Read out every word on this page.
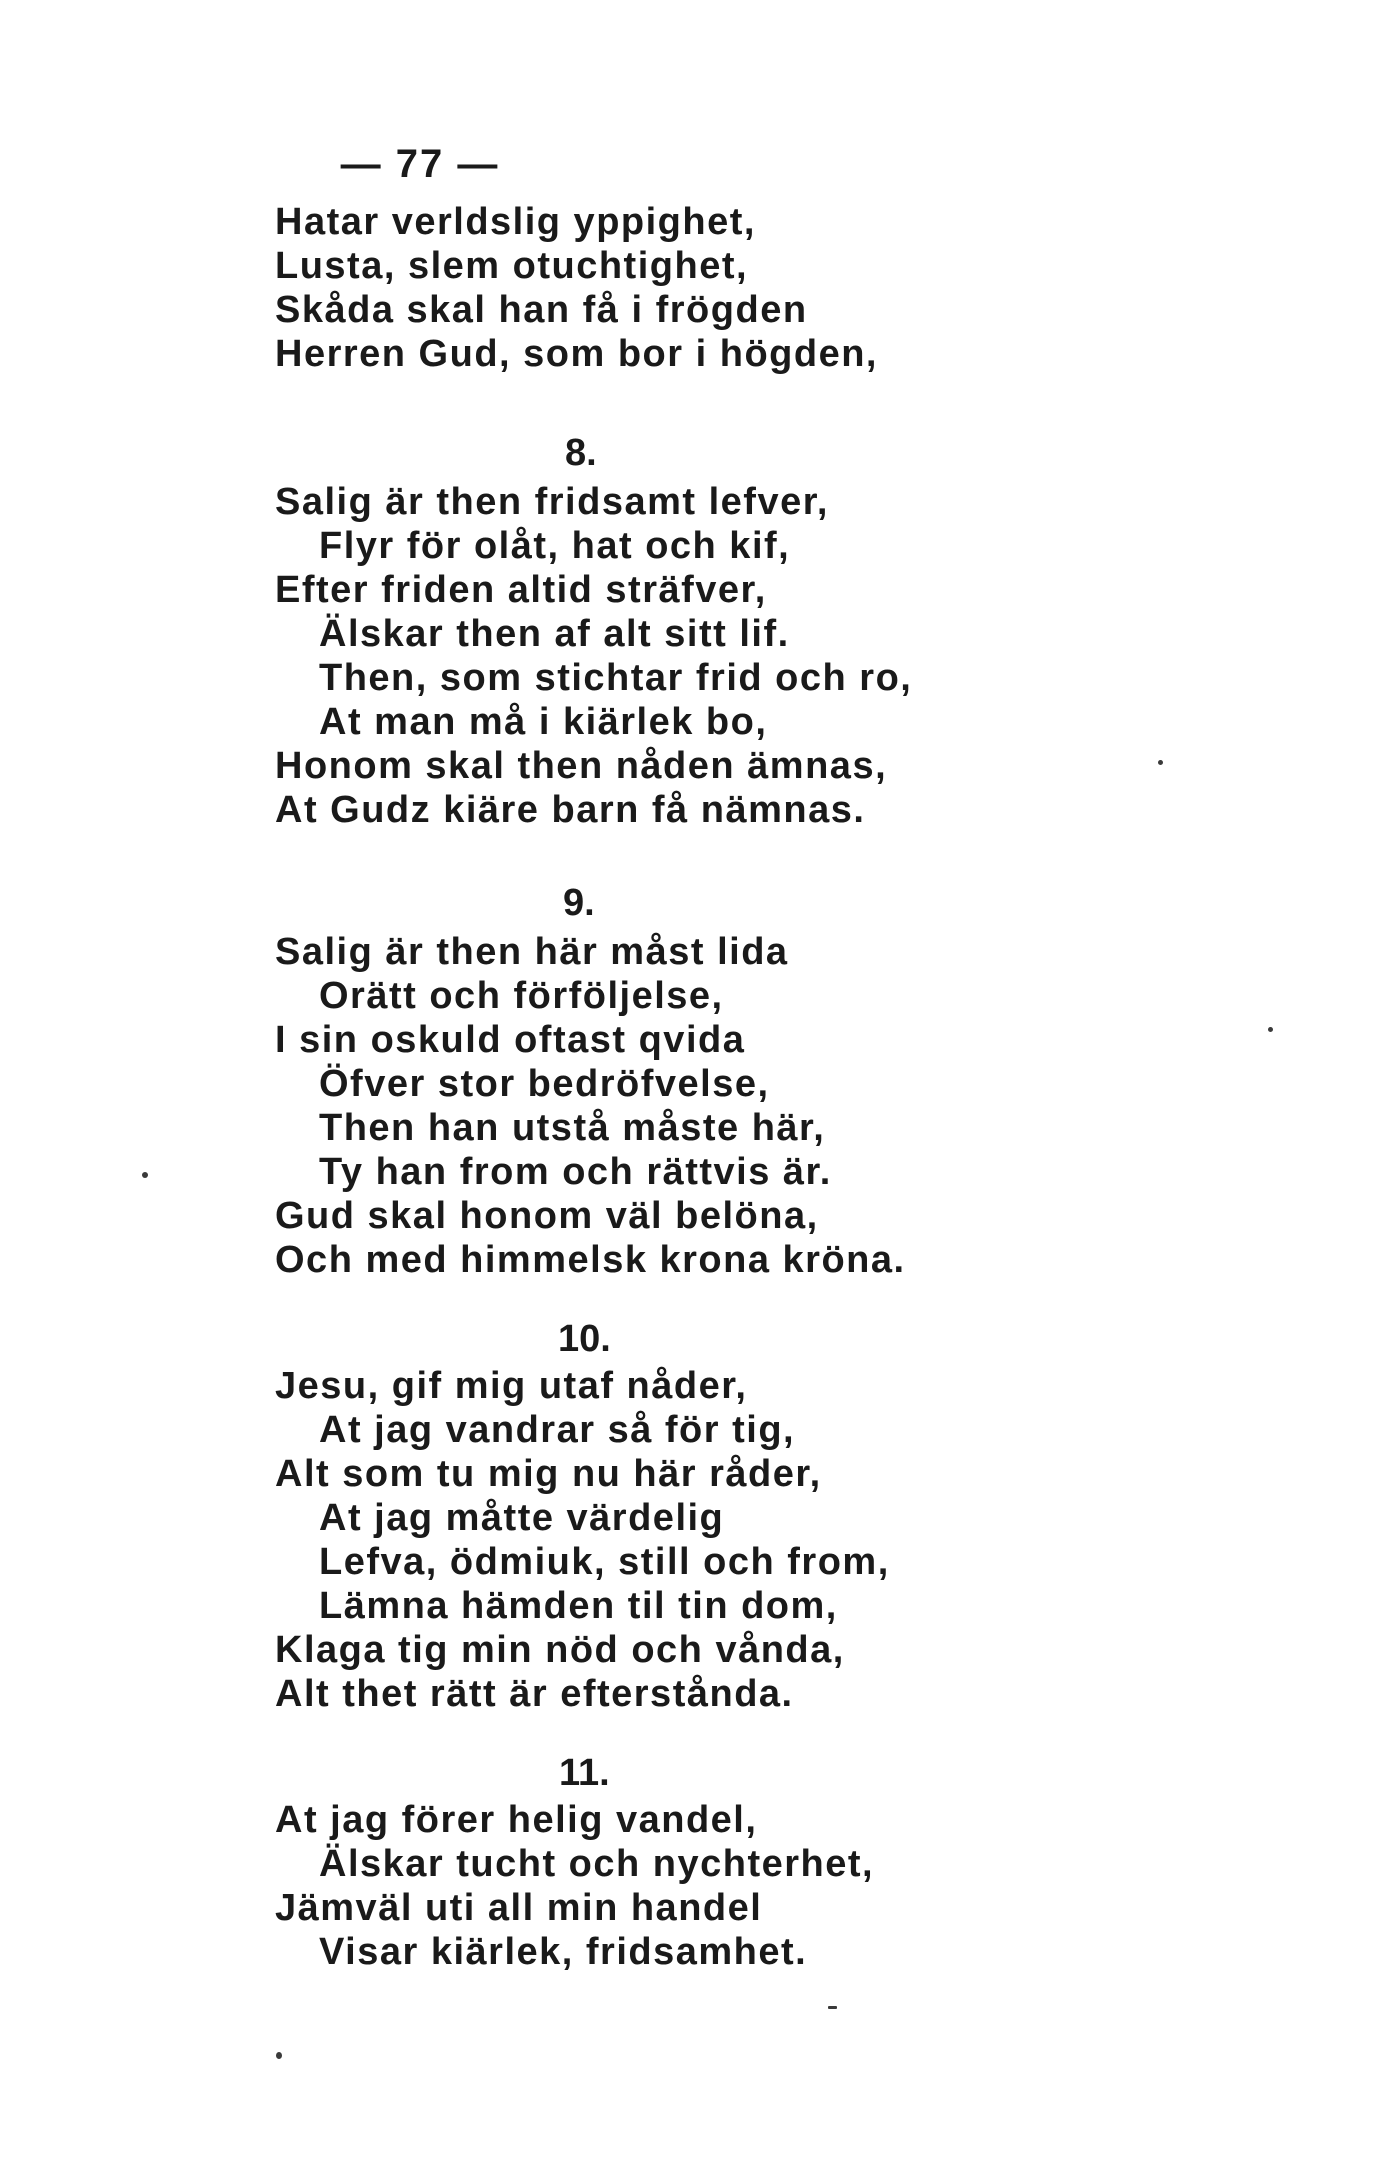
— 77 —
Hatar verldslig yppighet,
Lusta, slem otuchtighet,
Skåda skal han få i frögden
Herren Gud, som bor i högden,
8.
Salig är then fridsamt lefver,
Flyr för olåt, hat och kif,
Efter friden altid sträfver,
Älskar then af alt sitt lif.
Then, som stichtar frid och ro,
At man må i kiärlek bo,
Honom skal then nåden ämnas,
At Gudz kiäre barn få nämnas.
9.
Salig är then här måst lida
Orätt och förföljelse,
I sin oskuld oftast qvida
Öfver stor bedröfvelse,
Then han utstå måste här,
Ty han from och rättvis är.
Gud skal honom väl belöna,
Och med himmelsk krona kröna.
10.
Jesu, gif mig utaf nåder,
At jag vandrar så för tig,
Alt som tu mig nu här råder,
At jag måtte värdelig
Lefva, ödmiuk, still och from,
Lämna hämden til tin dom,
Klaga tig min nöd och vånda,
Alt thet rätt är efterstånda.
11.
At jag förer helig vandel,
Älskar tucht och nychterhet,
Jämväl uti all min handel
Visar kiärlek, fridsamhet.
